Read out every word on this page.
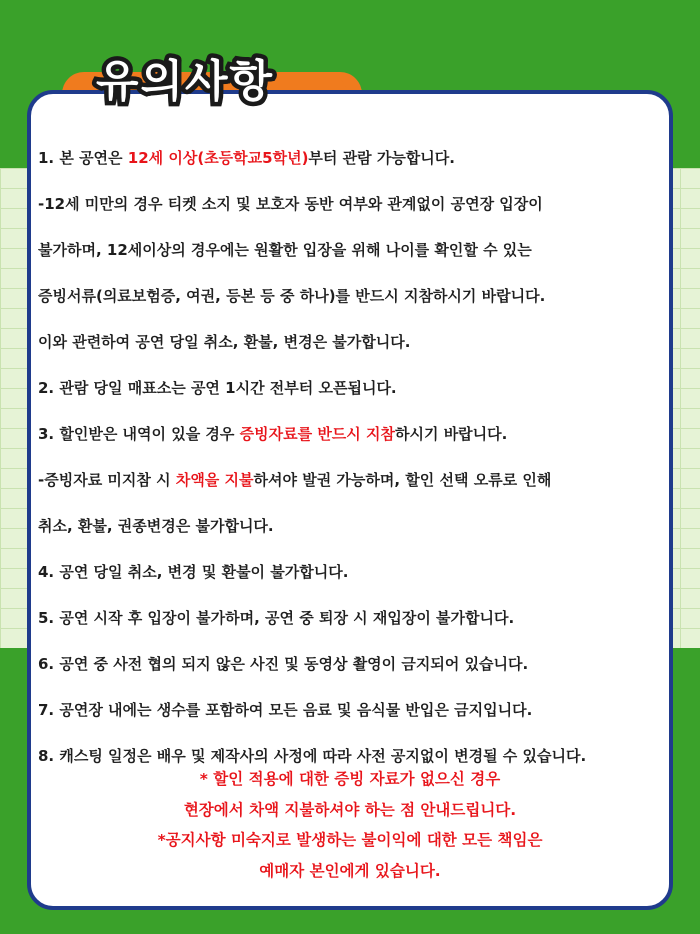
유의사항
1. 본 공연은 12세 이상(초등학교5학년)부터 관람 가능합니다.
-12세 미만의 경우 티켓 소지 및 보호자 동반 여부와 관계없이 공연장 입장이
불가하며, 12세이상의 경우에는 원활한 입장을 위해 나이를 확인할 수 있는
증빙서류(의료보험증, 여권, 등본 등 중 하나)를 반드시 지참하시기 바랍니다.
이와 관련하여 공연 당일 취소, 환불, 변경은 불가합니다.
2. 관람 당일 매표소는 공연 1시간 전부터 오픈됩니다.
3. 할인받은 내역이 있을 경우 증빙자료를 반드시 지참하시기 바랍니다.
-증빙자료 미지참 시 차액을 지불하셔야 발권 가능하며, 할인 선택 오류로 인해
취소, 환불, 권종변경은 불가합니다.
4. 공연 당일 취소, 변경 및 환불이 불가합니다.
5. 공연 시작 후 입장이 불가하며, 공연 중 퇴장 시 재입장이 불가합니다.
6. 공연 중 사전 협의 되지 않은 사진 및 동영상 촬영이 금지되어 있습니다.
7. 공연장 내에는 생수를 포함하여 모든 음료 및 음식물 반입은 금지입니다.
8. 캐스팅 일정은 배우 및 제작사의 사정에 따라 사전 공지없이 변경될 수 있습니다.
* 할인 적용에 대한 증빙 자료가 없으신 경우
현장에서 차액 지불하셔야 하는 점 안내드립니다.
*공지사항 미숙지로 발생하는 불이익에 대한 모든 책임은
예매자 본인에게 있습니다.
